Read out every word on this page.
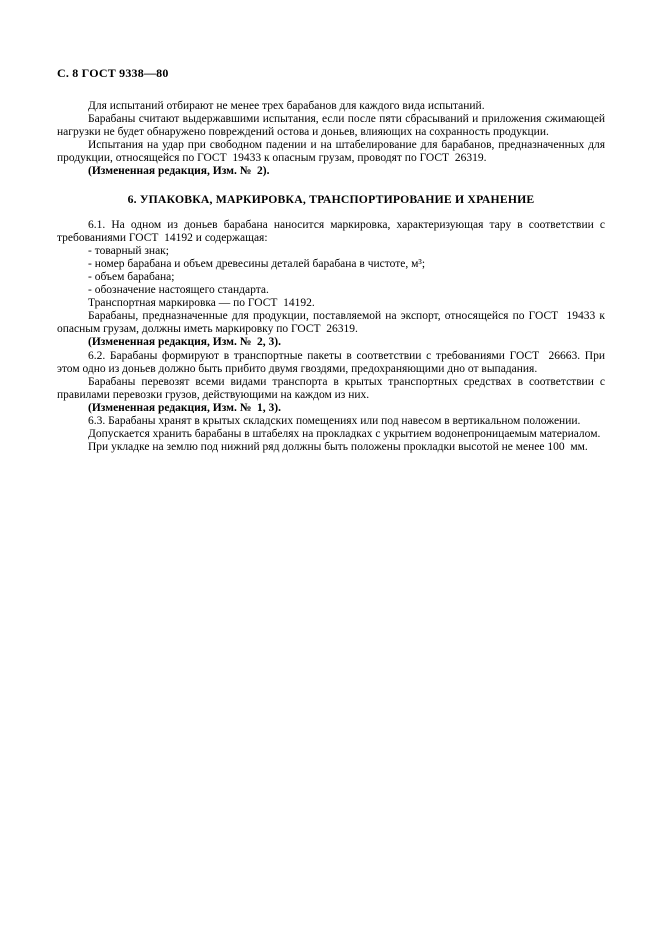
С. 8 ГОСТ 9338—80

Для испытаний отбирают не менее трех барабанов для каждого вида испытаний.

Барабаны считают выдержавшими испытания, если после пяти сбрасываний и приложения сжимающей нагрузки не будет обнаружено повреждений остова и доньев, влияющих на сохранность продукции.

Испытания на удар при свободном падении и на штабелирование для барабанов, предназначенных для продукции, относящейся по ГОСТ  19433 к опасным грузам, проводят по ГОСТ  26319.

(Измененная редакция, Изм. №  2).

6. УПАКОВКА, МАРКИРОВКА, ТРАНСПОРТИРОВАНИЕ И ХРАНЕНИЕ

6.1. На одном из доньев барабана наносится маркировка, характеризующая тару в соответствии с требованиями ГОСТ  14192 и содержащая:

- товарный знак;

- номер барабана и объем древесины деталей барабана в чистоте, м³;

- объем барабана;

- обозначение настоящего стандарта.

Транспортная маркировка — по ГОСТ  14192.

Барабаны, предназначенные для продукции, поставляемой на экспорт, относящейся по ГОСТ  19433 к опасным грузам, должны иметь маркировку по ГОСТ  26319.

(Измененная редакция, Изм. №  2, 3).

6.2. Барабаны формируют в транспортные пакеты в соответствии с требованиями ГОСТ  26663. При этом одно из доньев должно быть прибито двумя гвоздями, предохраняющими дно от выпадания.

Барабаны перевозят всеми видами транспорта в крытых транспортных средствах в соответствии с правилами перевозки грузов, действующими на каждом из них.

(Измененная редакция, Изм. №  1, 3).

6.3. Барабаны хранят в крытых складских помещениях или под навесом в вертикальном положении.

Допускается хранить барабаны в штабелях на прокладках с укрытием водонепроницаемым материалом.

При укладке на землю под нижний ряд должны быть положены прокладки высотой не менее 100  мм.
